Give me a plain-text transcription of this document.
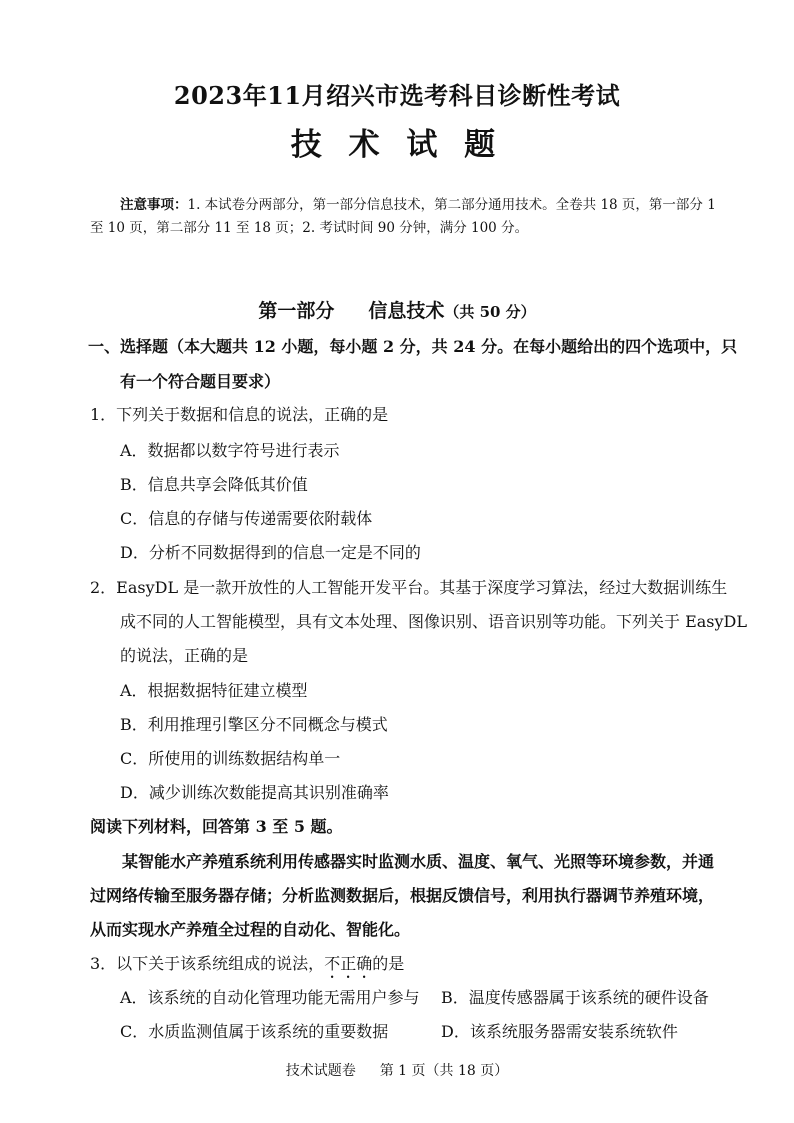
2023年11月绍兴市选考科目诊断性考试
技 术 试 题
注意事项：1. 本试卷分两部分，第一部分信息技术，第二部分通用技术。全卷共 18 页，第一部分 1
至 10 页，第二部分 11 至 18 页；2. 考试时间 90 分钟，满分 100 分。
第一部分 信息技术（共 50 分）
一、选择题（本大题共 12 小题，每小题 2 分，共 24 分。在每小题给出的四个选项中，只
有一个符合题目要求）
1．下列关于数据和信息的说法，正确的是
A．数据都以数字符号进行表示
B．信息共享会降低其价值
C．信息的存储与传递需要依附载体
D．分析不同数据得到的信息一定是不同的
2．EasyDL 是一款开放性的人工智能开发平台。其基于深度学习算法，经过大数据训练生
成不同的人工智能模型，具有文本处理、图像识别、语音识别等功能。下列关于 EasyDL
的说法，正确的是
A．根据数据特征建立模型
B．利用推理引擎区分不同概念与模式
C．所使用的训练数据结构单一
D．减少训练次数能提高其识别准确率
阅读下列材料，回答第 3 至 5 题。
某智能水产养殖系统利用传感器实时监测水质、温度、氧气、光照等环境参数，并通
过网络传输至服务器存储；分析监测数据后，根据反馈信号，利用执行器调节养殖环境，
从而实现水产养殖全过程的自动化、智能化。
3．以下关于该系统组成的说法，不正确的是
A．该系统的自动化管理功能无需用户参与 B．温度传感器属于该系统的硬件设备
C．水质监测值属于该系统的重要数据	D．该系统服务器需安装系统软件
技术试题卷 第 1 页（共 18 页）
